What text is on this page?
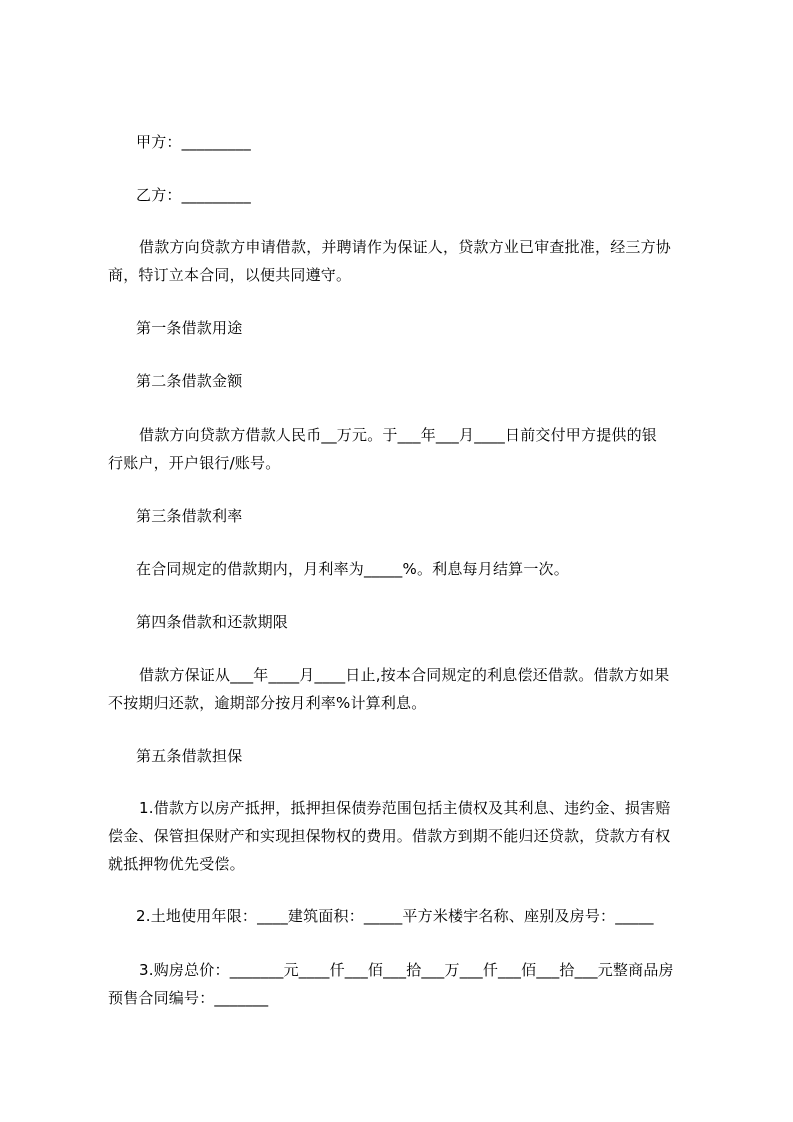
甲方：_________
乙方：_________
借款方向贷款方申请借款，并聘请作为保证人，贷款方业已审查批准，经三方协
商，特订立本合同，以便共同遵守。
第一条借款用途
第二条借款金额
借款方向贷款方借款人民币__万元。于___年___月____日前交付甲方提供的银
行账户，开户银行/账号。
第三条借款利率
在合同规定的借款期内，月利率为_____%。利息每月结算一次。
第四条借款和还款期限
借款方保证从___年____月____日止,按本合同规定的利息偿还借款。借款方如果
不按期归还款，逾期部分按月利率%计算利息。
第五条借款担保
1.借款方以房产抵押，抵押担保债券范围包括主债权及其利息、违约金、损害赔
偿金、保管担保财产和实现担保物权的费用。借款方到期不能归还贷款，贷款方有权
就抵押物优先受偿。
2.土地使用年限：____建筑面积：_____平方米楼宇名称、座别及房号：_____
3.购房总价：_______元____仟___佰___拾___万___仟___佰___拾___元整商品房
预售合同编号：_______
